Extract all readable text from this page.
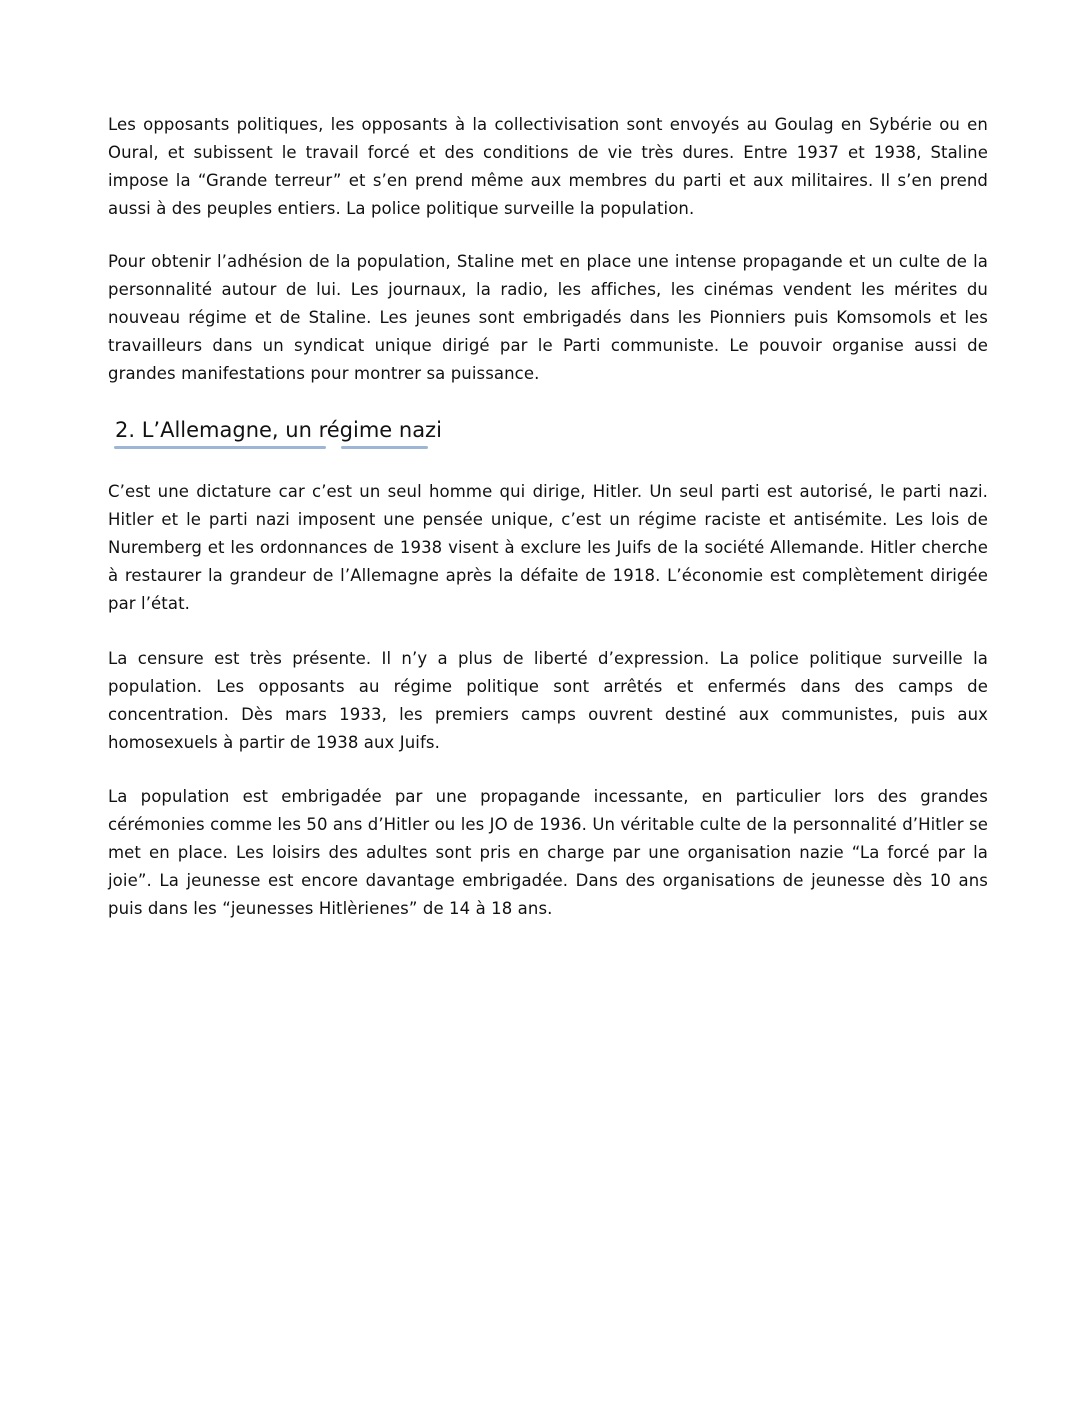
Les opposants politiques, les opposants à la collectivisation sont envoyés au Goulag en Sybérie ou en Oural, et subissent le travail forcé et des conditions de vie très dures. Entre 1937 et 1938, Staline impose la “Grande terreur” et s’en prend même aux membres du parti et aux militaires. Il s’en prend aussi à des peuples entiers. La police politique surveille la population.

Pour obtenir l’adhésion de la population, Staline met en place une intense propagande et un culte de la personnalité autour de lui. Les journaux, la radio, les affiches, les cinémas vendent les mérites du nouveau régime et de Staline. Les jeunes sont embrigadés dans les Pionniers puis Komsomols et les travailleurs dans un syndicat unique dirigé par le Parti communiste. Le pouvoir organise aussi de grandes manifestations pour montrer sa puissance.

2. L’Allemagne, un régime nazi

C’est une dictature car c’est un seul homme qui dirige, Hitler. Un seul parti est autorisé, le parti nazi. Hitler et le parti nazi imposent une pensée unique, c’est un régime raciste et antisémite. Les lois de Nuremberg et les ordonnances de 1938 visent à exclure les Juifs de la société Allemande. Hitler cherche à restaurer la grandeur de l’Allemagne après la défaite de 1918. L’économie est complètement dirigée par l’état.

La censure est très présente. Il n’y a plus de liberté d’expression. La police politique surveille la population. Les opposants au régime politique sont arrêtés et enfermés dans des camps de concentration. Dès mars 1933, les premiers camps ouvrent destiné aux communistes, puis aux homosexuels à partir de 1938 aux Juifs.

La population est embrigadée par une propagande incessante, en particulier lors des grandes cérémonies comme les 50 ans d’Hitler ou les JO de 1936. Un véritable culte de la personnalité d’Hitler se met en place. Les loisirs des adultes sont pris en charge par une organisation nazie “La forcé par la joie”. La jeunesse est encore davantage embrigadée. Dans des organisations de jeunesse dès 10 ans puis dans les “jeunesses Hitlèrienes” de 14 à 18 ans.
